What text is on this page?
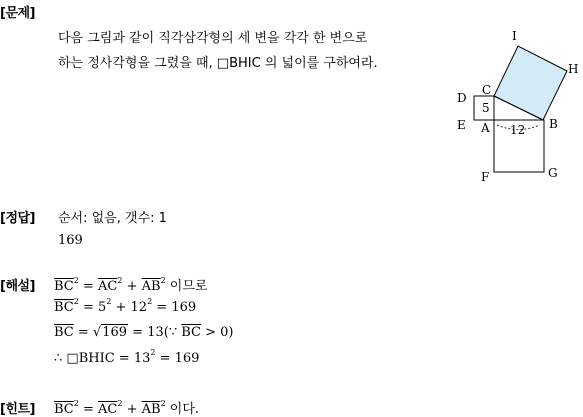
[문제]
다음 그림과 같이 직각삼각형의 세 변을 각각 한 변으로
하는 정사각형을 그렸을 때, □BHIC 의 넓이를 구하여라.
I
H
C
D
E A	B
F	G
5
12
[정답] 순서: 없음, 갯수: 1
169
[해설] $\overline{BC}^2 = \overline{AC}^2 + \overline{AB}^2$ 이므로
$\overline{BC}^2 = 5^2 + 12^2 = 169$
$\overline{BC} = √169$ = 13(∵ $\overline{BC} > 0$)
∴ □BHIC = $13^2 = 169$
[힌트] $\overline{BC}^2 = \overline{AC}^2 + \overline{AB}^2$ 이다.
